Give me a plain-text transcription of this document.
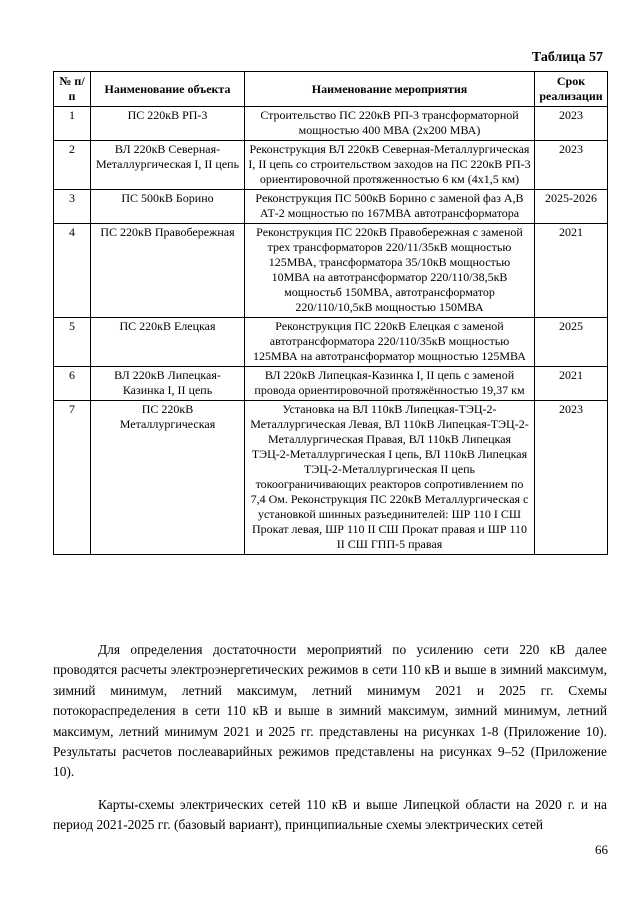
Таблица 57
№ п/п	Наименование объекта	Наименование мероприятия	Срок реализации
1	ПС 220кВ РП-3	Строительство ПС 220кВ РП-3 трансформаторной мощностью 400 МВА (2х200 МВА)	2023
2	ВЛ 220кВ Северная-Металлургическая I, II цепь	Реконструкция ВЛ 220кВ Северная-Металлургическая I, II цепь со строительством заходов на ПС 220кВ РП-3 ориентировочной протяженностью 6 км (4х1,5 км)	2023
3	ПС 500кВ Борино	Реконструкция ПС 500кВ Борино с заменой фаз А,В АТ-2 мощностью по 167МВА автотрансформатора	2025-2026
4	ПС 220кВ Правобережная	Реконструкция ПС 220кВ Правобережная с заменой трех трансформаторов 220/11/35кВ мощностью 125МВА, трансформатора 35/10кВ мощностью 10МВА на автотрансформатор 220/110/38,5кВ мощностьб 150МВА, автотрансформатор 220/110/10,5кВ мощностью 150МВА	2021
5	ПС 220кВ Елецкая	Реконструкция ПС 220кВ Елецкая с заменой автотрансформатора 220/110/35кВ мощностью 125МВА на автотрансформатор мощностью 125МВА	2025
6	ВЛ 220кВ Липецкая-Казинка I, II цепь	ВЛ 220кВ Липецкая-Казинка I, II цепь с заменой провода ориентировочной протяжённостью 19,37 км	2021
7	ПС 220кВ Металлургическая	Установка на ВЛ 110кВ Липецкая-ТЭЦ-2-Металлургическая Левая, ВЛ 110кВ Липецкая-ТЭЦ-2-Металлургическая Правая, ВЛ 110кВ Липецкая ТЭЦ-2-Металлургическая I цепь, ВЛ 110кВ Липецкая ТЭЦ-2-Металлургическая II цепь токоограничивающих реакторов сопротивлением по 7,4 Ом. Реконструкция ПС 220кВ Металлургическая с установкой шинных разъединителей: ШР 110 I СШ Прокат левая, ШР 110 II СШ Прокат правая и ШР 110 II СШ ГПП-5 правая	2023

Для определения достаточности мероприятий по усилению сети 220 кВ далее проводятся расчеты электроэнергетических режимов в сети 110 кВ и выше в зимний максимум, зимний минимум, летний максимум, летний минимум 2021 и 2025 гг. Схемы потокораспределения в сети 110 кВ и выше в зимний максимум, зимний минимум, летний максимум, летний минимум 2021 и 2025 гг. представлены на рисунках 1-8 (Приложение 10). Результаты расчетов послеаварийных режимов представлены на рисунках 9–52 (Приложение 10).

Карты-схемы электрических сетей 110 кВ и выше Липецкой области на 2020 г. и на период 2021-2025 гг. (базовый вариант), принципиальные схемы электрических сетей

66
